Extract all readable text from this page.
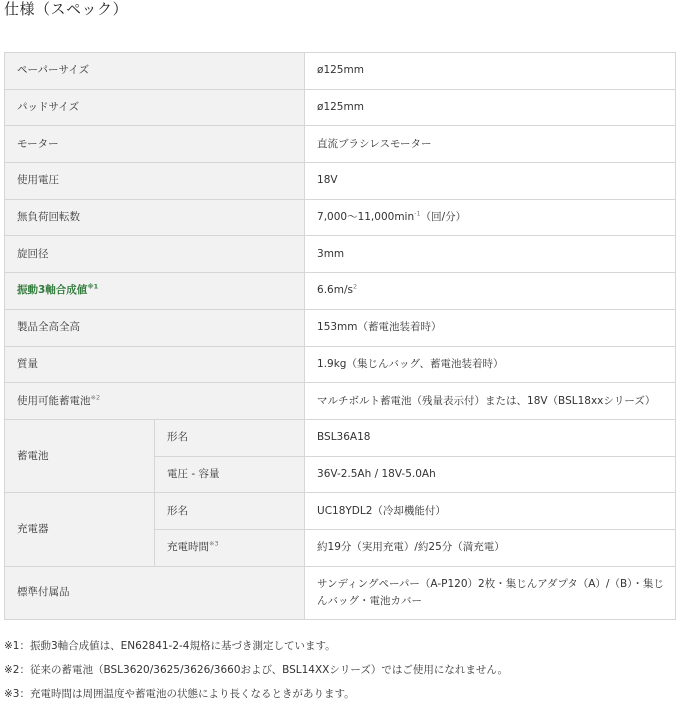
仕様（スペック）
ペーパーサイズ		ø125mm
パッドサイズ		ø125mm
モーター		直流ブラシレスモーター
使用電圧		18V
無負荷回転数		7,000〜$11,000\min^{-1}$（回/分）
旋回径		3mm
振動3軸合成値$^{※1}$		$6.6m/s^2$
製品全高全高		153mm（蓄電池装着時）
質量		1.9kg（集じんバッグ、蓄電池装着時）
使用可能蓄電池$^{※2}$		マルチボルト蓄電池（残量表示付）または、18V（BSL18xxシリーズ）
蓄電池	形名	BSL36A18
	電圧 - 容量	36V-2.5Ah / 18V-5.0Ah
充電器	形名	UC18YDL2（冷却機能付）
	充電時間$^{※3}$	約19分（実用充電）/約25分（満充電）
標準付属品		サンディングペーパー（A-P120）2枚・集じんアダプタ（A）/（B）・集じんバッグ・電池カバー
※1：振動3軸合成値は、EN62841-2-4規格に基づき測定しています。
※2：従来の蓄電池（BSL3620/3625/3626/3660および、BSL14XXシリーズ）ではご使用になれません。
※3：充電時間は周囲温度や蓄電池の状態により長くなるときがあります。
